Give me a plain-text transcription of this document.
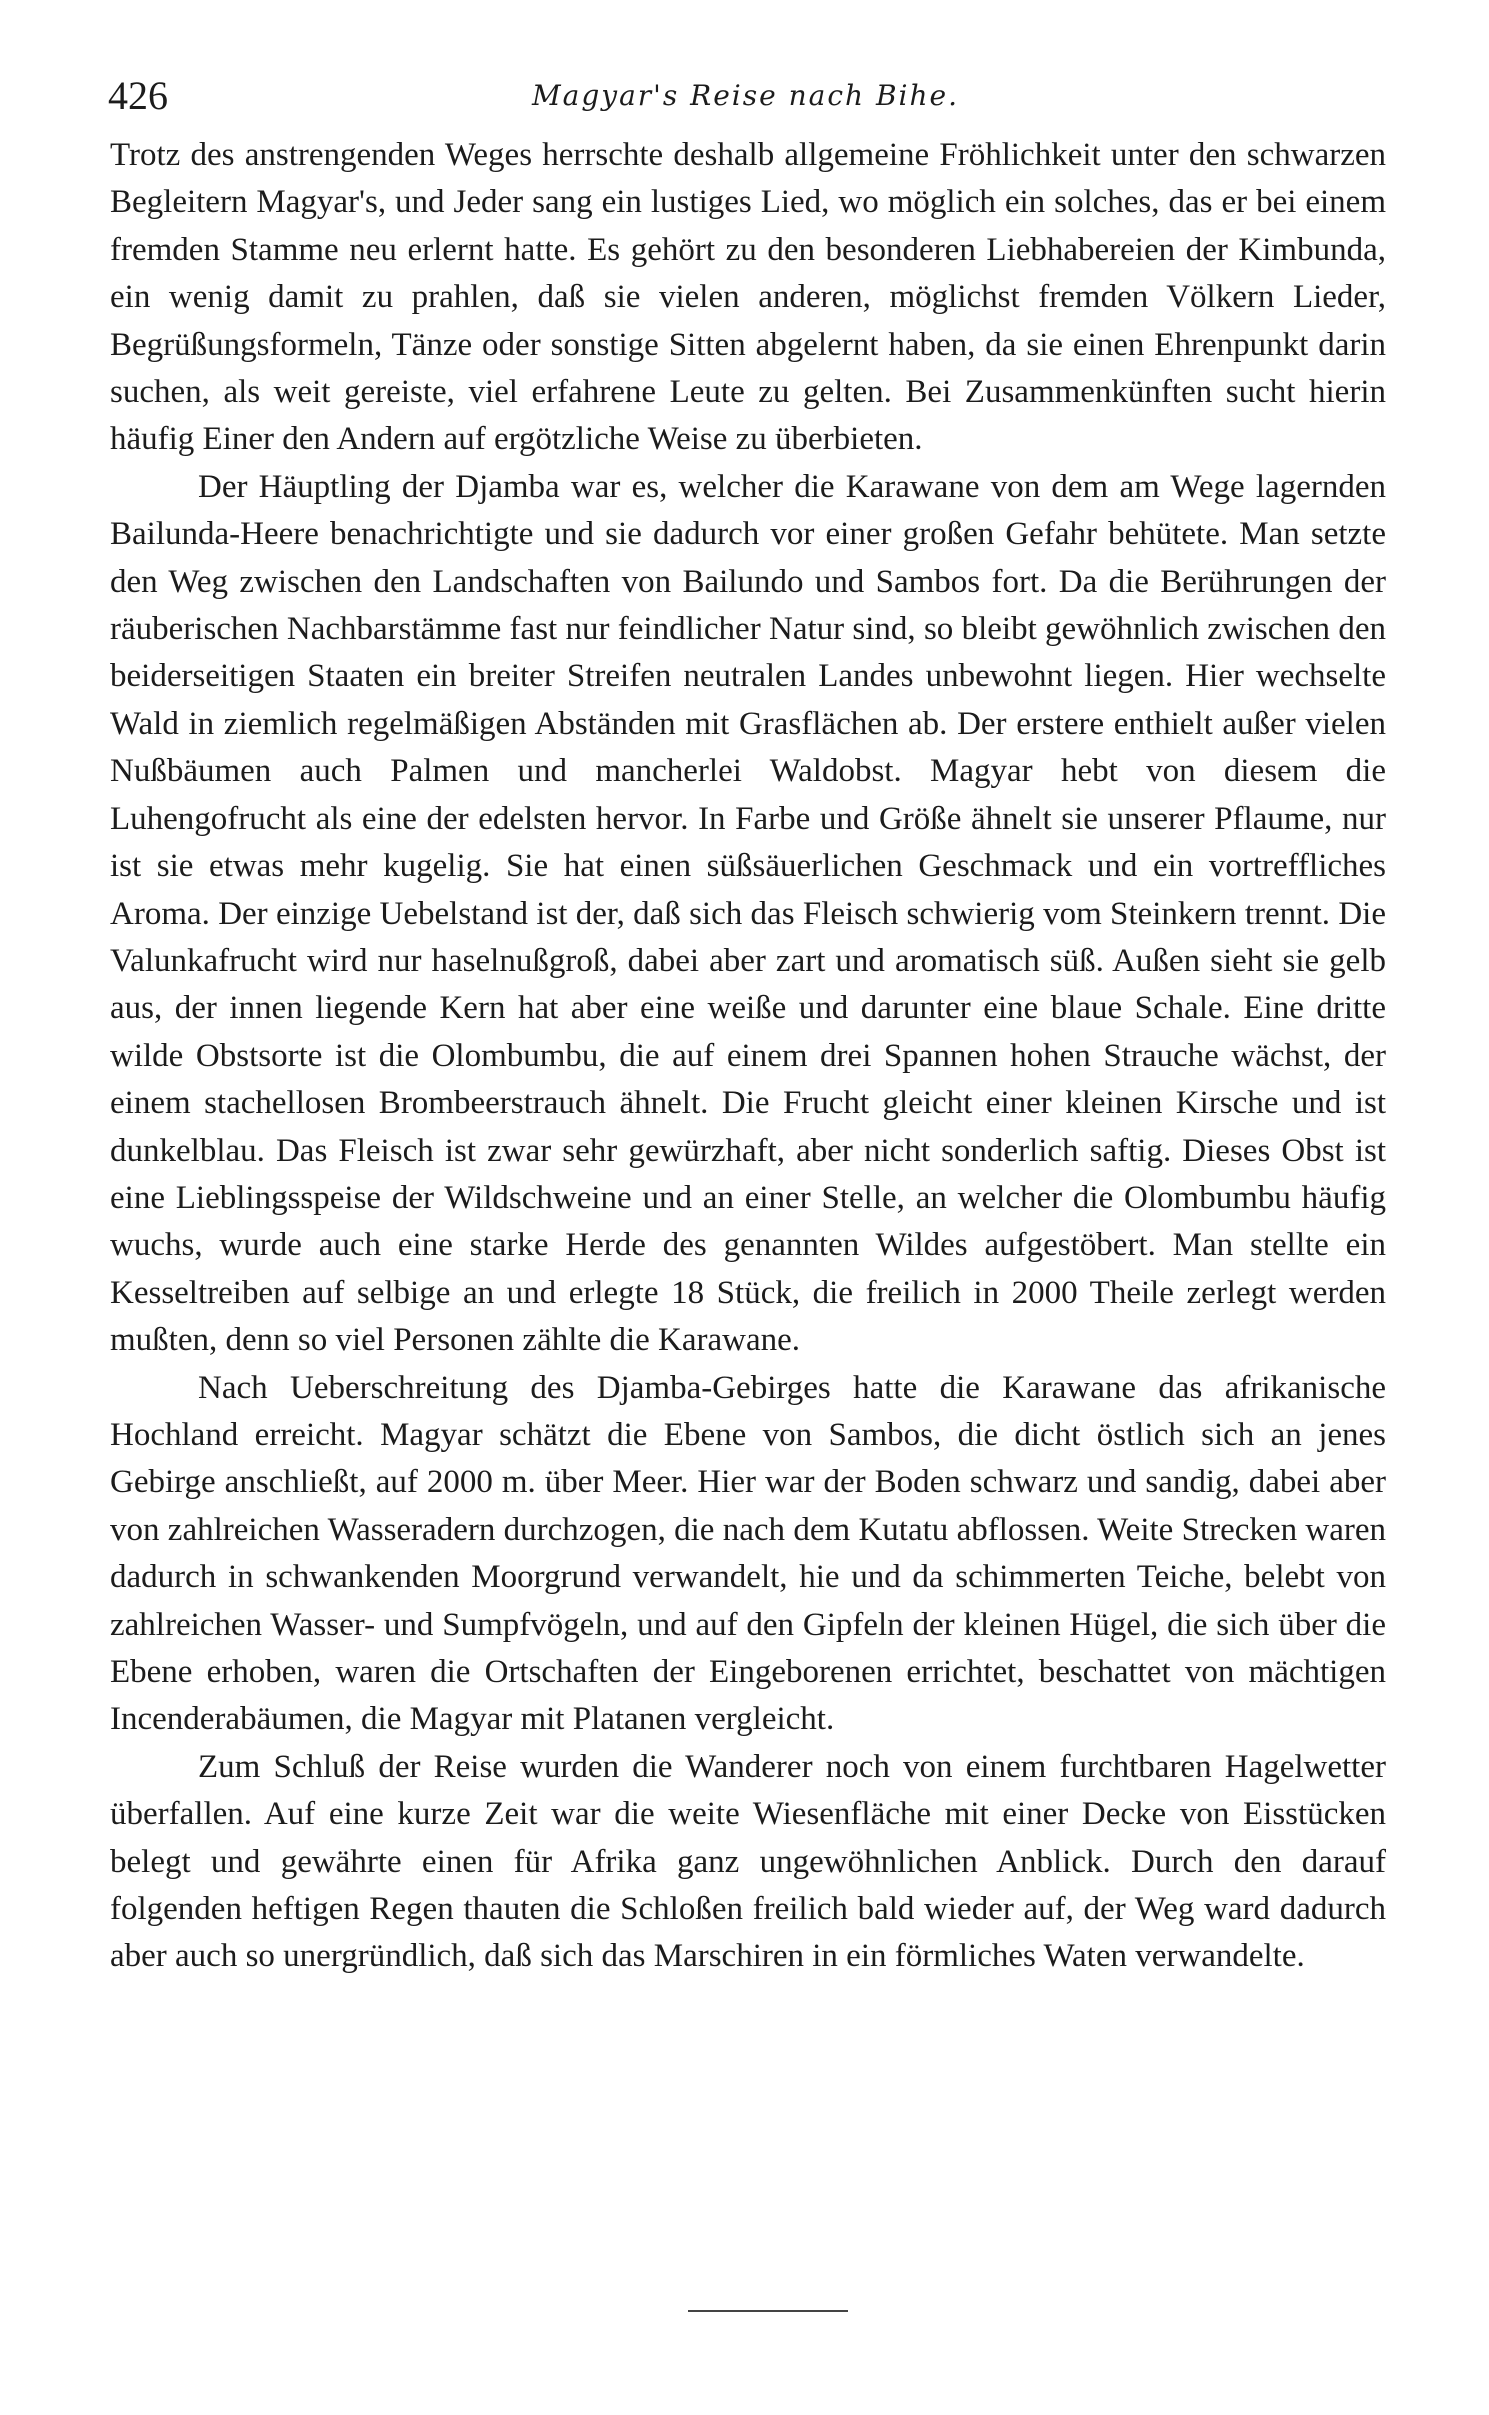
426	Magyar's Reise nach Bihe.

Trotz des anstrengenden Weges herrschte deshalb allgemeine Fröhlichkeit unter den schwarzen Begleitern Magyar's, und Jeder sang ein lustiges Lied, wo möglich ein solches, das er bei einem fremden Stamme neu erlernt hatte. Es gehört zu den besonderen Liebhabereien der Kimbunda, ein wenig damit zu prahlen, daß sie vielen anderen, möglichst fremden Völkern Lieder, Begrüßungsformeln, Tänze oder sonstige Sitten abgelernt haben, da sie einen Ehrenpunkt darin suchen, als weit gereiste, viel erfahrene Leute zu gelten. Bei Zusammenkünften sucht hierin häufig Einer den Andern auf ergötzliche Weise zu überbieten.

Der Häuptling der Djamba war es, welcher die Karawane von dem am Wege lagernden Bailunda-Heere benachrichtigte und sie dadurch vor einer großen Gefahr behütete. Man setzte den Weg zwischen den Landschaften von Bailundo und Sambos fort. Da die Berührungen der räuberischen Nachbarstämme fast nur feindlicher Natur sind, so bleibt gewöhnlich zwischen den beiderseitigen Staaten ein breiter Streifen neutralen Landes unbewohnt liegen. Hier wechselte Wald in ziemlich regelmäßigen Abständen mit Grasflächen ab. Der erstere enthielt außer vielen Nußbäumen auch Palmen und mancherlei Waldobst. Magyar hebt von diesem die Luhengofrucht als eine der edelsten hervor. In Farbe und Größe ähnelt sie unserer Pflaume, nur ist sie etwas mehr kugelig. Sie hat einen süßsäuerlichen Geschmack und ein vortreffliches Aroma. Der einzige Uebelstand ist der, daß sich das Fleisch schwierig vom Steinkern trennt. Die Valunkafrucht wird nur haselnußgroß, dabei aber zart und aromatisch süß. Außen sieht sie gelb aus, der innen liegende Kern hat aber eine weiße und darunter eine blaue Schale. Eine dritte wilde Obstsorte ist die Olombumbu, die auf einem drei Spannen hohen Strauche wächst, der einem stachellosen Brombeerstrauch ähnelt. Die Frucht gleicht einer kleinen Kirsche und ist dunkelblau. Das Fleisch ist zwar sehr gewürzhaft, aber nicht sonderlich saftig. Dieses Obst ist eine Lieblingsspeise der Wildschweine und an einer Stelle, an welcher die Olombumbu häufig wuchs, wurde auch eine starke Herde des genannten Wildes aufgestöbert. Man stellte ein Kesseltreiben auf selbige an und erlegte 18 Stück, die freilich in 2000 Theile zerlegt werden mußten, denn so viel Personen zählte die Karawane.

Nach Ueberschreitung des Djamba-Gebirges hatte die Karawane das afrikanische Hochland erreicht. Magyar schätzt die Ebene von Sambos, die dicht östlich sich an jenes Gebirge anschließt, auf 2000 m. über Meer. Hier war der Boden schwarz und sandig, dabei aber von zahlreichen Wasseradern durchzogen, die nach dem Kutatu abflossen. Weite Strecken waren dadurch in schwankenden Moorgrund verwandelt, hie und da schimmerten Teiche, belebt von zahlreichen Wasser- und Sumpfvögeln, und auf den Gipfeln der kleinen Hügel, die sich über die Ebene erhoben, waren die Ortschaften der Eingeborenen errichtet, beschattet von mächtigen Incenderabäumen, die Magyar mit Platanen vergleicht.

Zum Schluß der Reise wurden die Wanderer noch von einem furchtbaren Hagelwetter überfallen. Auf eine kurze Zeit war die weite Wiesenfläche mit einer Decke von Eisstücken belegt und gewährte einen für Afrika ganz ungewöhnlichen Anblick. Durch den darauf folgenden heftigen Regen thauten die Schloßen freilich bald wieder auf, der Weg ward dadurch aber auch so unergründlich, daß sich das Marschiren in ein förmliches Waten verwandelte.
